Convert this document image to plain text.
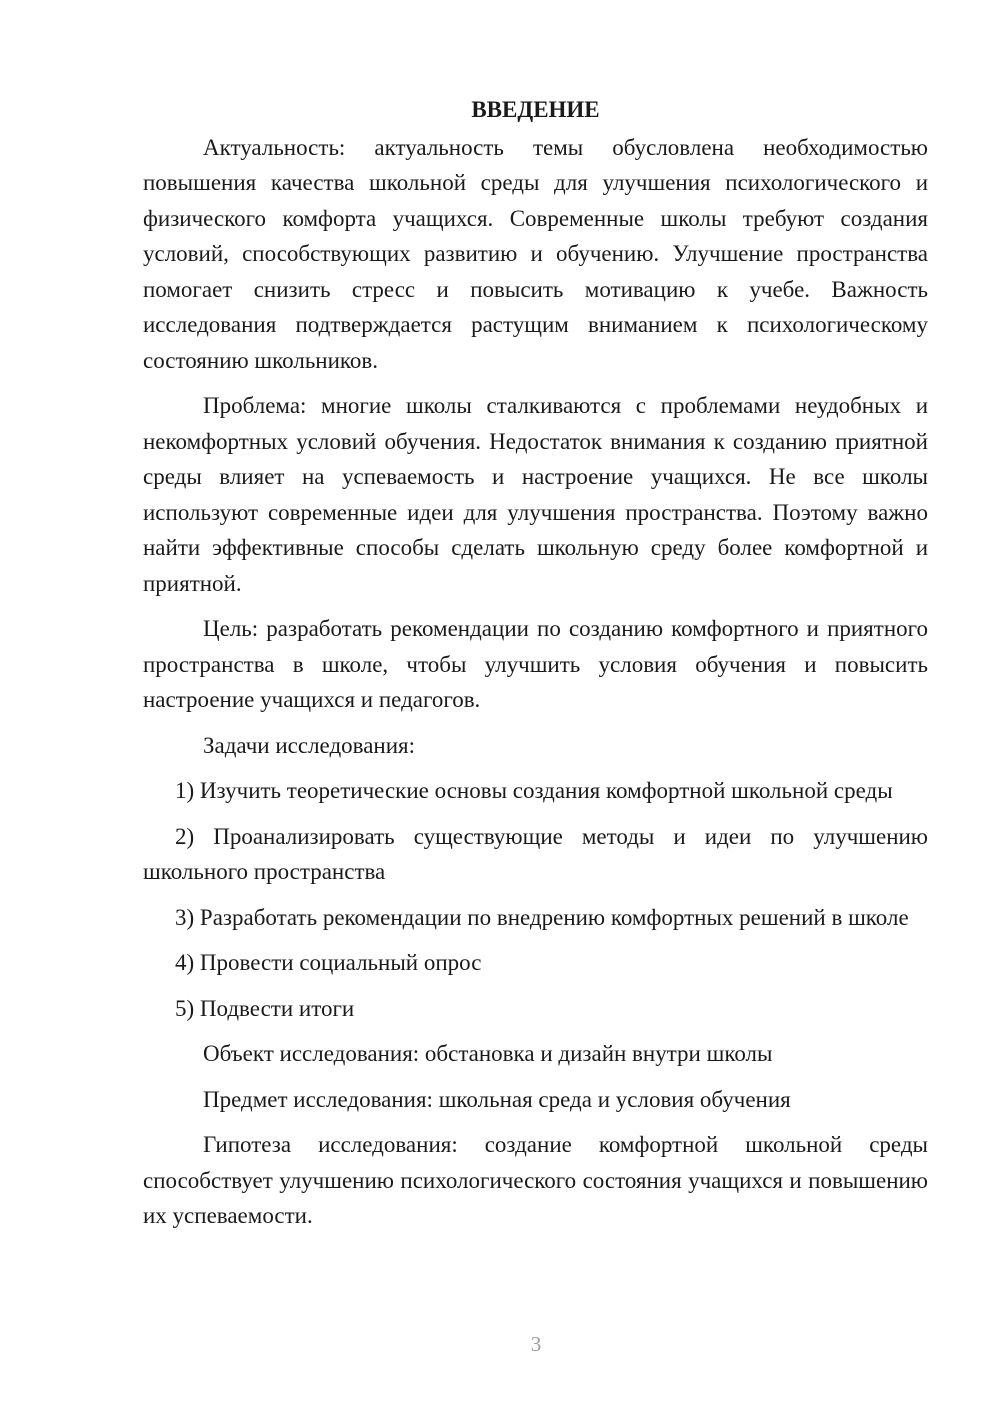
ВВЕДЕНИЕ

Актуальность: актуальность темы обусловлена необходимостью повышения качества школьной среды для улучшения психологического и физического комфорта учащихся. Современные школы требуют создания условий, способствующих развитию и обучению. Улучшение пространства помогает снизить стресс и повысить мотивацию к учебе. Важность исследования подтверждается растущим вниманием к психологическому состоянию школьников.

Проблема: многие школы сталкиваются с проблемами неудобных и некомфортных условий обучения. Недостаток внимания к созданию приятной среды влияет на успеваемость и настроение учащихся. Не все школы используют современные идеи для улучшения пространства. Поэтому важно найти эффективные способы сделать школьную среду более комфортной и приятной.

Цель: разработать рекомендации по созданию комфортного и приятного пространства в школе, чтобы улучшить условия обучения и повысить настроение учащихся и педагогов.

Задачи исследования:

1) Изучить теоретические основы создания комфортной школьной среды

2) Проанализировать существующие методы и идеи по улучшению школьного пространства

3) Разработать рекомендации по внедрению комфортных решений в школе

4) Провести социальный опрос

5) Подвести итоги

Объект исследования: обстановка и дизайн внутри школы

Предмет исследования: школьная среда и условия обучения

Гипотеза исследования: создание комфортной школьной среды способствует улучшению психологического состояния учащихся и повышению их успеваемости.

3
